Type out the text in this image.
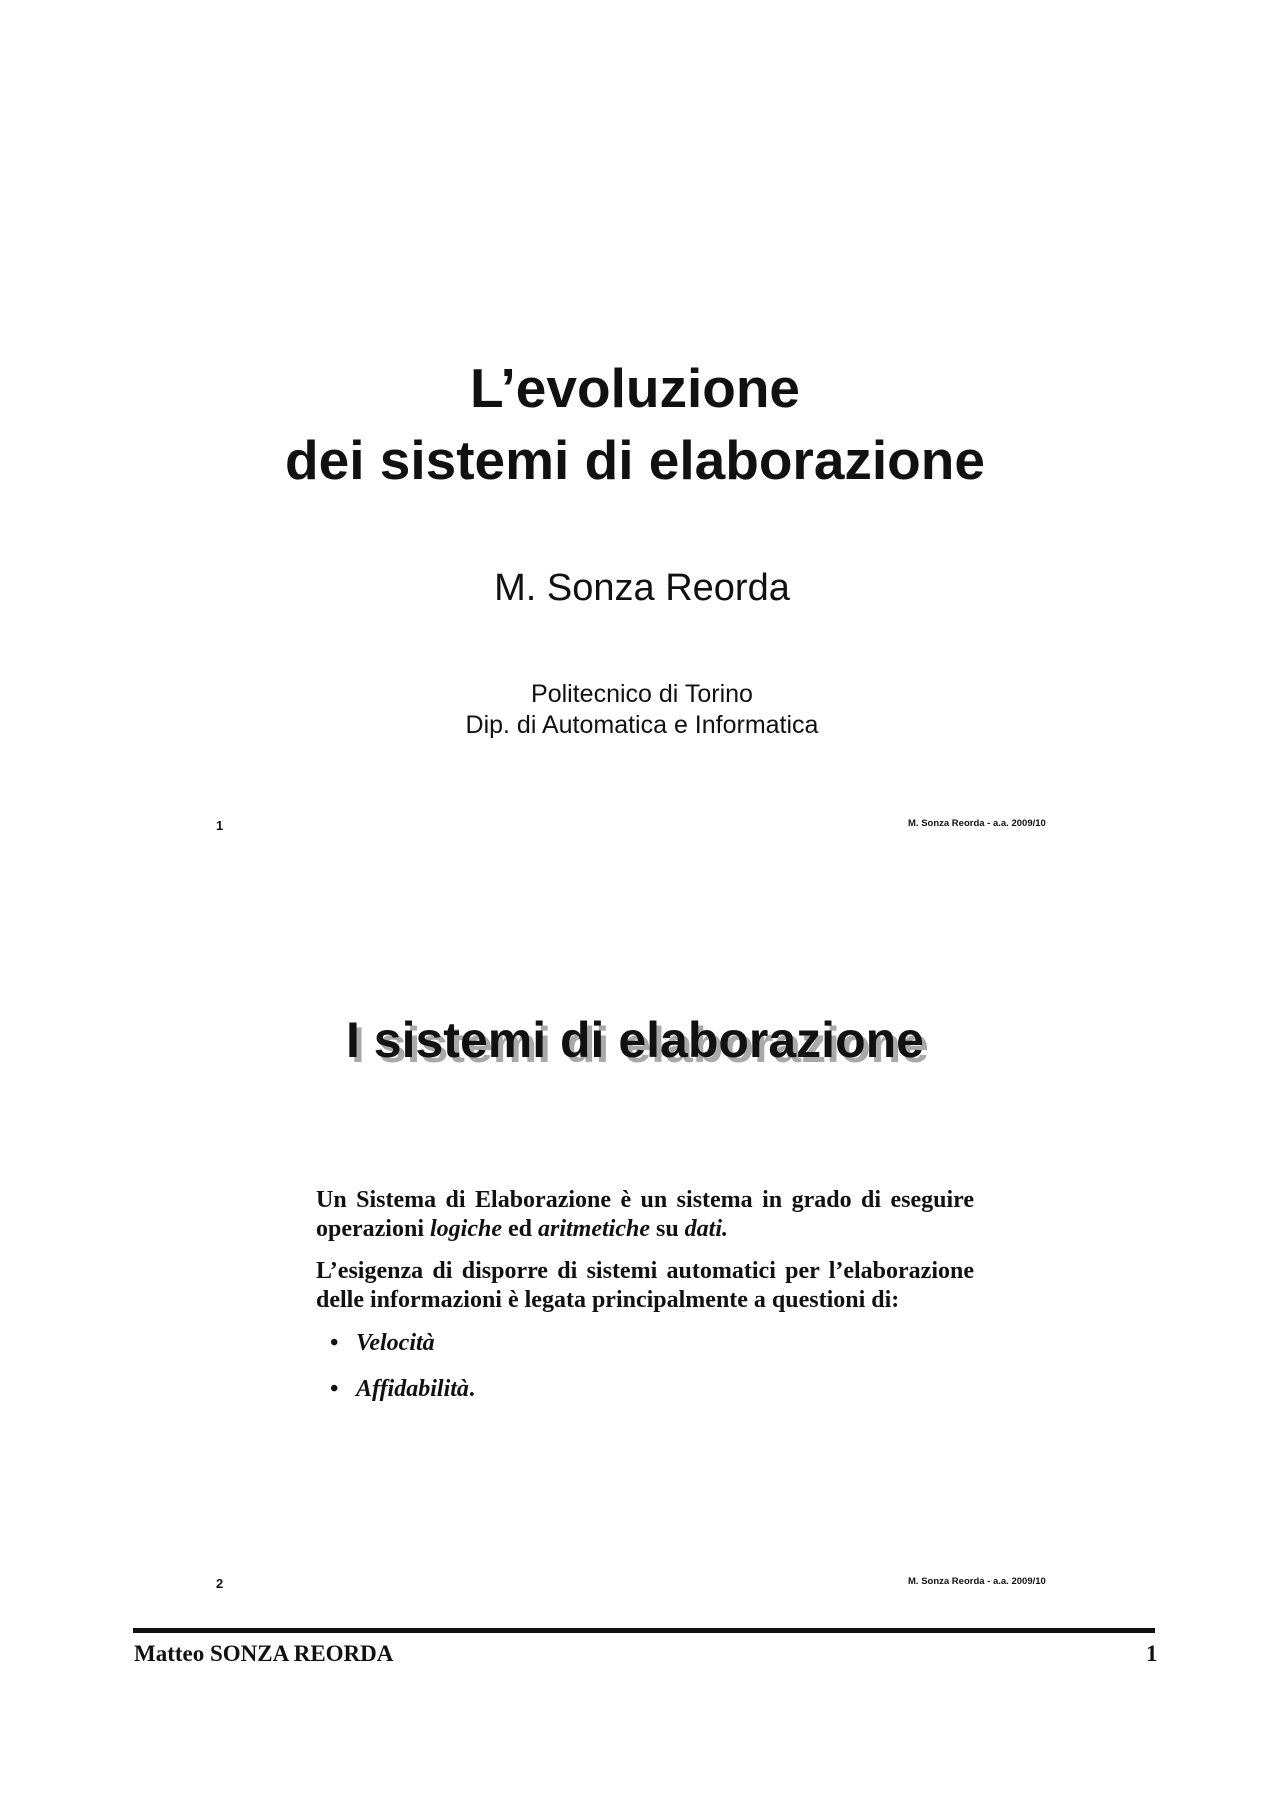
L’evoluzione
dei sistemi di elaborazione
M. Sonza Reorda
Politecnico di Torino
Dip. di Automatica e Informatica
1	M. Sonza Reorda - a.a. 2009/10
I sistemi di elaborazione

Un Sistema di Elaborazione è un sistema in grado di eseguire operazioni logiche ed aritmetiche su dati.

L’esigenza di disporre di sistemi automatici per l’elaborazione delle informazioni è legata principalmente a questioni di:

• Velocità
• Affidabilità.
2	M. Sonza Reorda - a.a. 2009/10
Matteo SONZA REORDA	1
